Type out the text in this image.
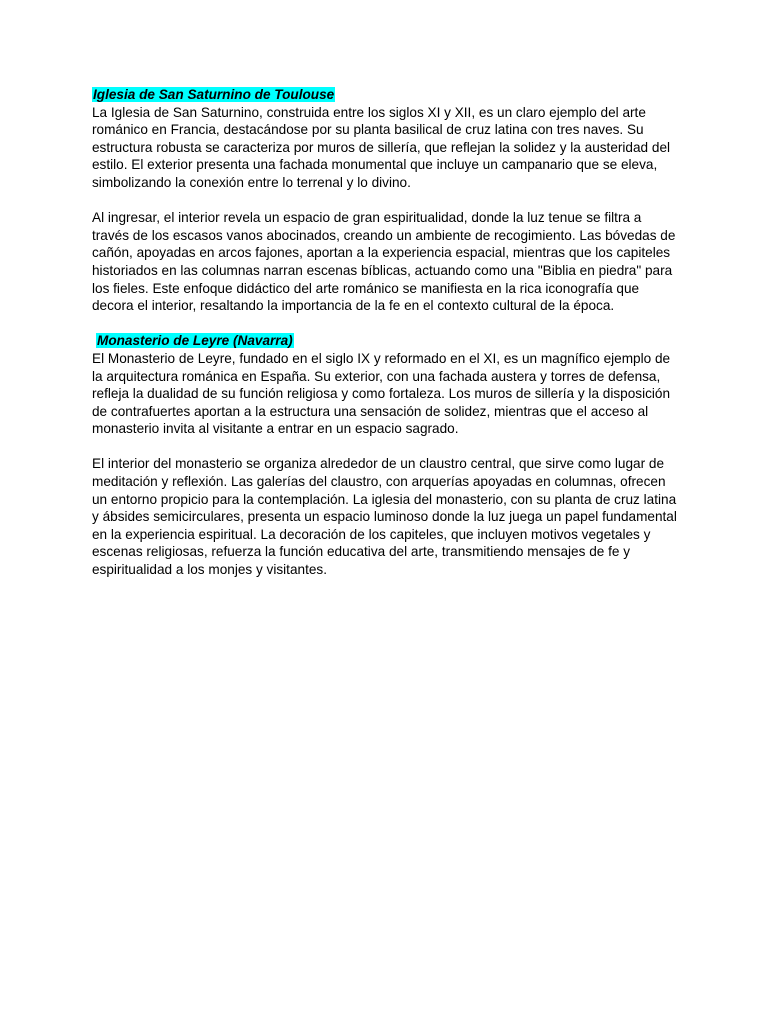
Iglesia de San Saturnino de Toulouse

La Iglesia de San Saturnino, construida entre los siglos XI y XII, es un claro ejemplo del arte románico en Francia, destacándose por su planta basilical de cruz latina con tres naves. Su estructura robusta se caracteriza por muros de sillería, que reflejan la solidez y la austeridad del estilo. El exterior presenta una fachada monumental que incluye un campanario que se eleva, simbolizando la conexión entre lo terrenal y lo divino.

Al ingresar, el interior revela un espacio de gran espiritualidad, donde la luz tenue se filtra a través de los escasos vanos abocinados, creando un ambiente de recogimiento. Las bóvedas de cañón, apoyadas en arcos fajones, aportan a la experiencia espacial, mientras que los capiteles historiados en las columnas narran escenas bíblicas, actuando como una "Biblia en piedra" para los fieles. Este enfoque didáctico del arte románico se manifiesta en la rica iconografía que decora el interior, resaltando la importancia de la fe en el contexto cultural de la época.

Monasterio de Leyre (Navarra)

El Monasterio de Leyre, fundado en el siglo IX y reformado en el XI, es un magnífico ejemplo de la arquitectura románica en España. Su exterior, con una fachada austera y torres de defensa, refleja la dualidad de su función religiosa y como fortaleza. Los muros de sillería y la disposición de contrafuertes aportan a la estructura una sensación de solidez, mientras que el acceso al monasterio invita al visitante a entrar en un espacio sagrado.

El interior del monasterio se organiza alrededor de un claustro central, que sirve como lugar de meditación y reflexión. Las galerías del claustro, con arquerías apoyadas en columnas, ofrecen un entorno propicio para la contemplación. La iglesia del monasterio, con su planta de cruz latina y ábsides semicirculares, presenta un espacio luminoso donde la luz juega un papel fundamental en la experiencia espiritual. La decoración de los capiteles, que incluyen motivos vegetales y escenas religiosas, refuerza la función educativa del arte, transmitiendo mensajes de fe y espiritualidad a los monjes y visitantes.
